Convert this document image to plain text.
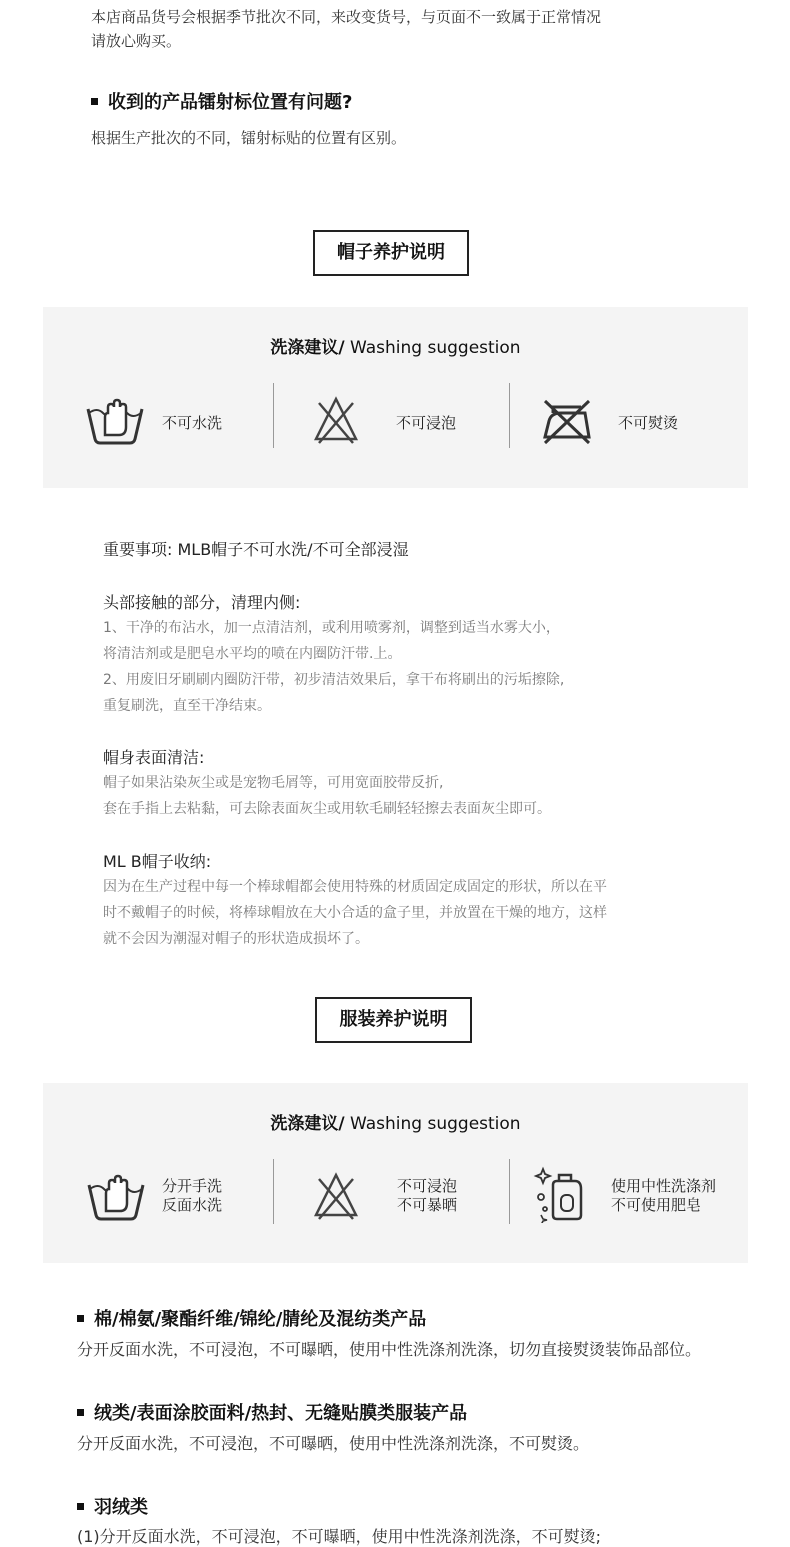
本店商品货号会根据季节批次不同，来改变货号，与页面不一致属于正常情况
请放心购买。
收到的产品镭射标位置有问题?
根据生产批次的不同，镭射标贴的位置有区别。
帽子养护说明
洗涤建议/ Washing suggestion
不可水洗	不可浸泡	不可熨烫
重要事项: MLB帽子不可水洗/不可全部浸湿
头部接触的部分，清理内侧:
1、干净的布沾水，加一点清洁剂，或利用喷雾剂，调整到适当水雾大小，
将清洁剂或是肥皂水平均的喷在内圈防汗带.上。
2、用废旧牙刷刷内圈防汗带，初步清洁效果后，拿干布将刷出的污垢擦除,
重复刷洗，直至干净结束。
帽身表面清洁:
帽子如果沾染灰尘或是宠物毛屑等，可用宽面胶带反折,
套在手指上去粘黏，可去除表面灰尘或用软毛刷轻轻擦去表面灰尘即可。
ML B帽子收纳:
因为在生产过程中每一个棒球帽都会使用特殊的材质固定成固定的形状，所以在平
时不戴帽子的时候，将棒球帽放在大小合适的盒子里，并放置在干燥的地方，这样
就不会因为潮湿对帽子的形状造成损坏了。
服装养护说明
洗涤建议/ Washing suggestion
分开手洗
反面水洗
不可浸泡
不可暴晒
使用中性洗涤剂
不可使用肥皂
棉/棉氨/聚酯纤维/锦纶/腈纶及混纺类产品
分开反面水洗，不可浸泡，不可曝晒，使用中性洗涤剂洗涤，切勿直接熨烫装饰品部位。
绒类/表面涂胶面料/热封、无缝贴膜类服装产品
分开反面水洗，不可浸泡，不可曝晒，使用中性洗涤剂洗涤，不可熨烫。
羽绒类
(1)分开反面水洗，不可浸泡，不可曝晒，使用中性洗涤剂洗涤，不可熨烫;
